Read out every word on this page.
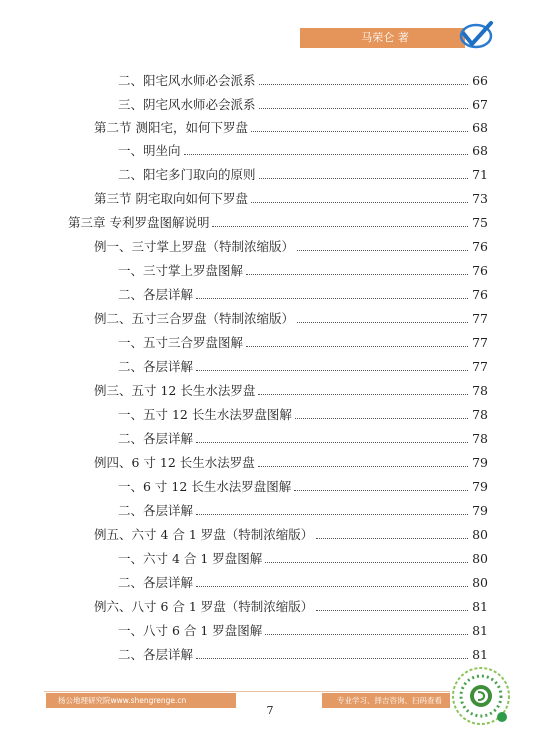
马荣仑 著
二、阳宅风水师必会派系	66
三、阴宅风水师必会派系	67
第二节 测阳宅，如何下罗盘	68
一、明坐向	68
二、阳宅多门取向的原则	71
第三节 阴宅取向如何下罗盘	73
第三章 专利罗盘图解说明	75
例一、三寸掌上罗盘（特制浓缩版）	76
一、三寸掌上罗盘图解	76
二、各层详解	76
例二、五寸三合罗盘（特制浓缩版）	77
一、五寸三合罗盘图解	77
二、各层详解	77
例三、五寸 12 长生水法罗盘	78
一、五寸 12 长生水法罗盘图解	78
二、各层详解	78
例四、6 寸 12 长生水法罗盘	79
一、6 寸 12 长生水法罗盘图解	79
二、各层详解	79
例五、六寸 4 合 1 罗盘（特制浓缩版）	80
一、六寸 4 合 1 罗盘图解	80
二、各层详解	80
例六、八寸 6 合 1 罗盘（特制浓缩版）	81
一、八寸 6 合 1 罗盘图解	81
二、各层详解	81
杨公地理研究院www.shengrenge.cn
7
专业学习、择吉咨询、扫码查看
